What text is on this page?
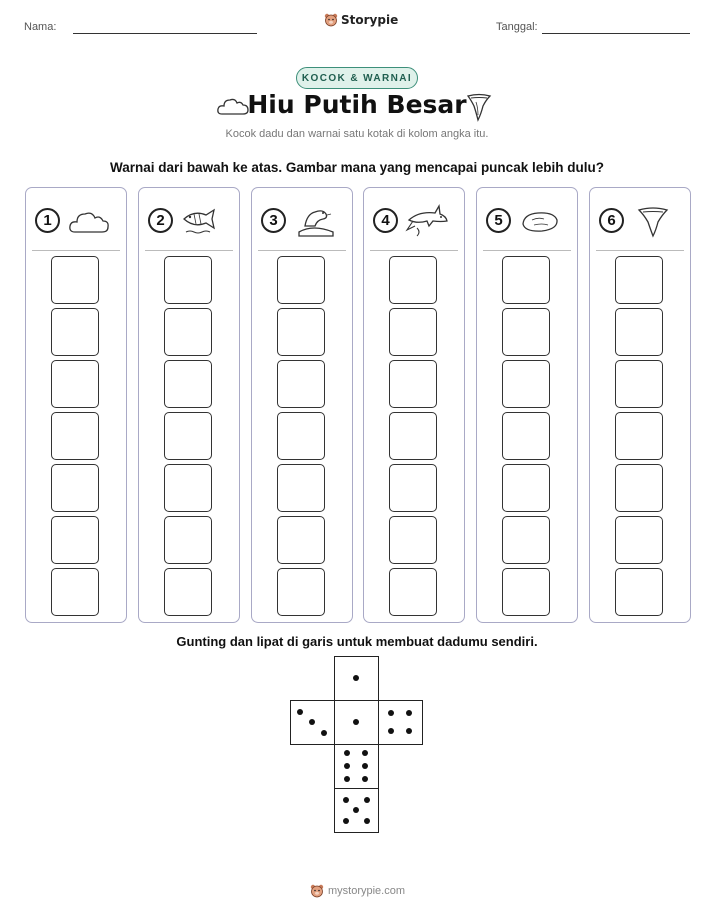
Nama:	Storypie	Tanggal:
KOCOK & WARNAI
Hiu Putih Besar
Kocok dadu dan warnai satu kotak di kolom angka itu.
Warnai dari bawah ke atas. Gambar mana yang mencapai puncak lebih dulu?
1	2	3	4	5	6
Gunting dan lipat di garis untuk membuat dadumu sendiri.
mystorypie.com
